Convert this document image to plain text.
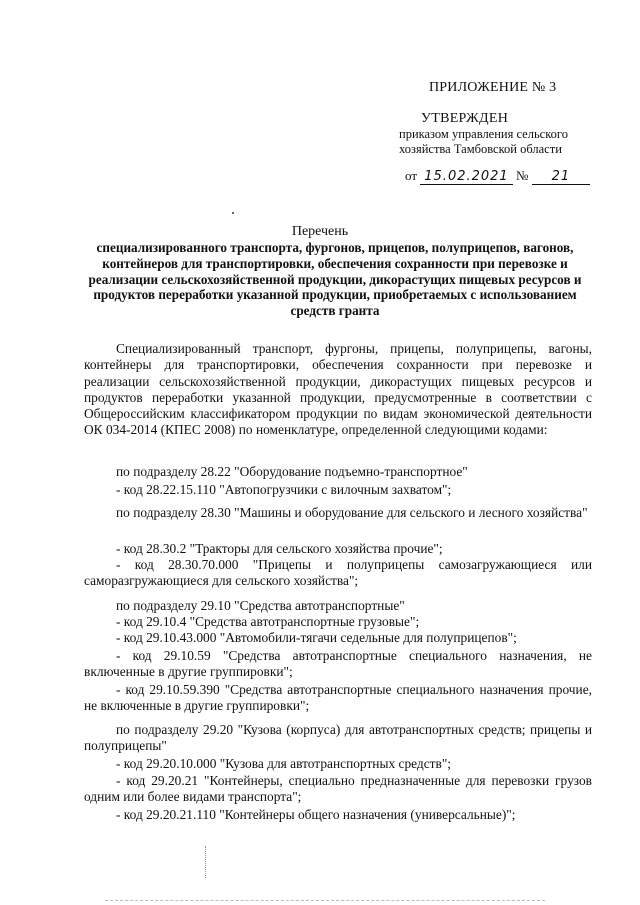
ПРИЛОЖЕНИЕ № 3
УТВЕРЖДЕН
приказом управления сельского
хозяйства Тамбовской области
от 15.02.2021 № 21
Перечень
специализированного транспорта, фургонов, прицепов, полуприцепов, вагонов, контейнеров для транспортировки, обеспечения сохранности при перевозке и реализации сельскохозяйственной продукции, дикорастущих пищевых ресурсов и продуктов переработки указанной продукции, приобретаемых с использованием средств гранта
Специализированный транспорт, фургоны, прицепы, полуприцепы, вагоны, контейнеры для транспортировки, обеспечения сохранности при перевозке и реализации сельскохозяйственной продукции, дикорастущих пищевых ресурсов и продуктов переработки указанной продукции, предусмотренные в соответствии с Общероссийским классификатором продукции по видам экономической деятельности ОК 034-2014 (КПЕС 2008) по номенклатуре, определенной следующими кодами:
по подразделу 28.22 "Оборудование подъемно-транспортное"
- код 28.22.15.110 "Автопогрузчики с вилочным захватом";
по подразделу 28.30 "Машины и оборудование для сельского и лесного хозяйства"
- код 28.30.2 "Тракторы для сельского хозяйства прочие";
- код 28.30.70.000 "Прицепы и полуприцепы самозагружающиеся или саморазгружающиеся для сельского хозяйства";
по подразделу 29.10 "Средства автотранспортные"
- код 29.10.4 "Средства автотранспортные грузовые";
- код 29.10.43.000 "Автомобили-тягачи седельные для полуприцепов";
- код 29.10.59 "Средства автотранспортные специального назначения, не включенные в другие группировки";
- код 29.10.59.390 "Средства автотранспортные специального назначения прочие, не включенные в другие группировки";
по подразделу 29.20 "Кузова (корпуса) для автотранспортных средств; прицепы и полуприцепы"
- код 29.20.10.000 "Кузова для автотранспортных средств";
- код 29.20.21 "Контейнеры, специально предназначенные для перевозки грузов одним или более видами транспорта";
- код 29.20.21.110 "Контейнеры общего назначения (универсальные)";
